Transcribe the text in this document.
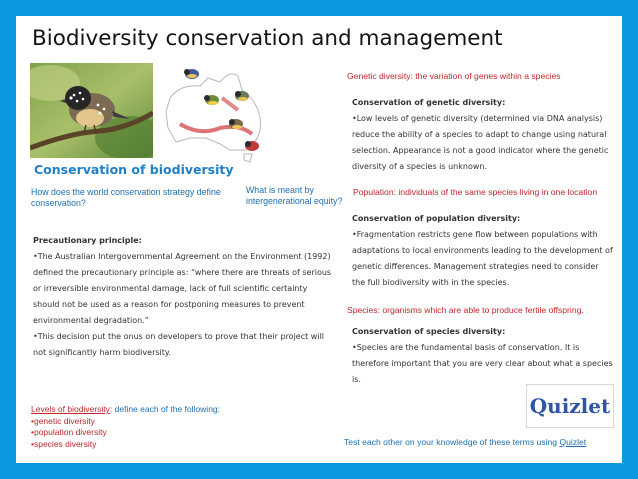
Biodiversity conservation and management
Conservation of biodiversity
How does the world conservation strategy define conservation?
What is meant by intergenerational equity?

Precautionary principle:

•The Australian Intergovernmental Agreement on the Environment (1992) defined the precautionary principle as: “where there are threats of serious or irreversible environmental damage, lack of full scientific certainty should not be used as a reason for postponing measures to prevent environmental degradation.”

•This decision put the onus on developers to prove that their project will not significantly harm biodiversity.

Levels of biodiversity: define each of the following:
•genetic diversity
•population diversity
•species diversity
Genetic diversity: the variation of genes within a species

Conservation of genetic diversity:

•Low levels of genetic diversity (determined via DNA analysis) reduce the ability of a species to adapt to change using natural selection. Appearance is not a good indicator where the genetic diversity of a species is unknown.

Population: individuals of the same species living in one location

Conservation of population diversity:

•Fragmentation restricts gene flow between populations with adaptations to local environments leading to the development of genetic differences. Management strategies need to consider the full biodiversity with in the species.

Species: organisms which are able to produce fertile offspring.

Conservation of species diversity:

•Species are the fundamental basis of conservation. It is therefore important that you are very clear about what a species is.

Quizlet
Test each other on your knowledge of these terms using Quizlet
